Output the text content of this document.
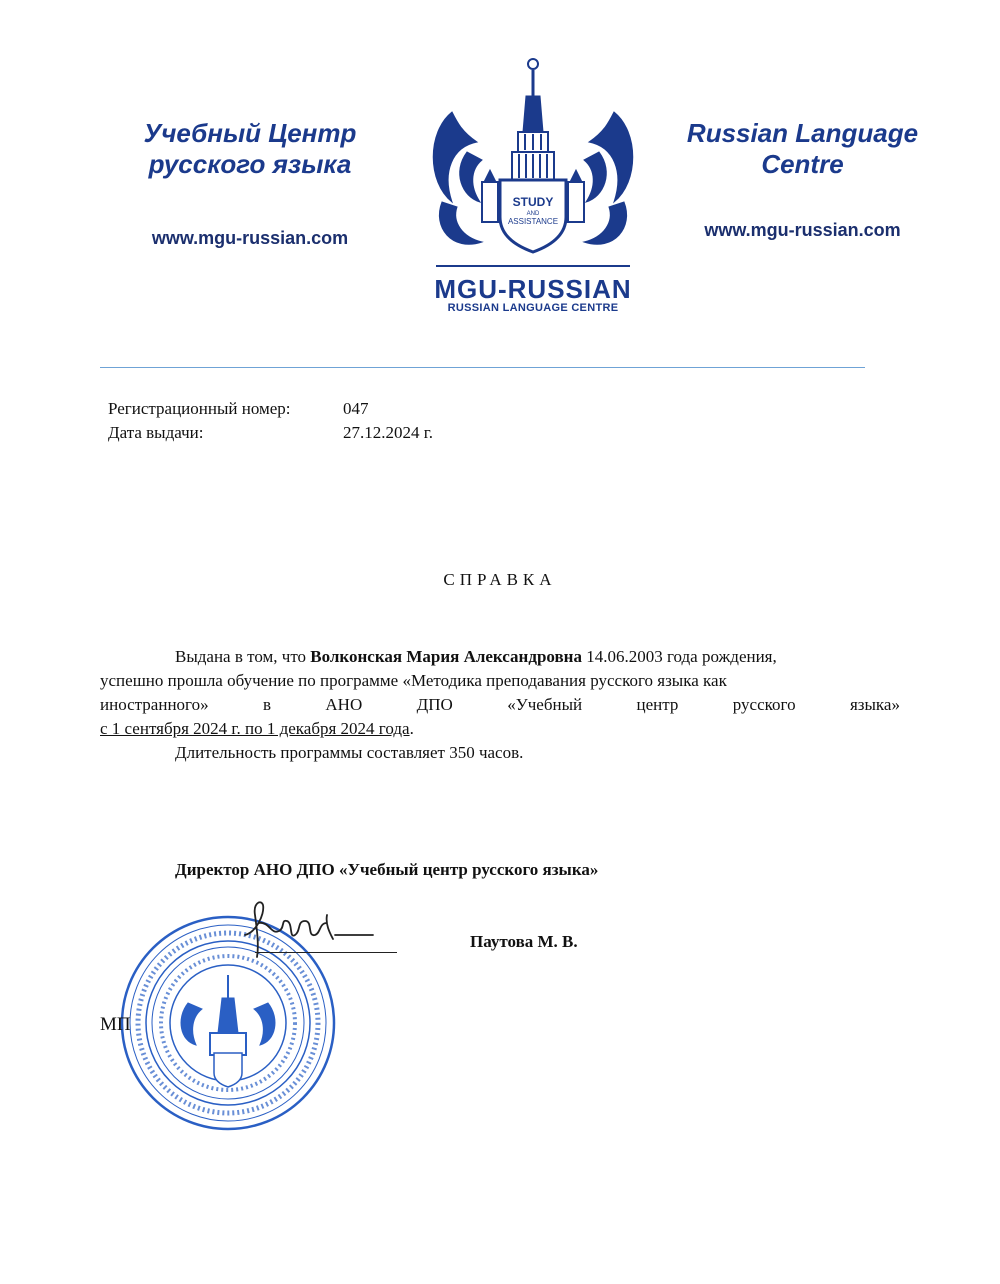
Учебный Центр
русского языка
www.mgu-russian.com
STUDY
AND
ASSISTANCE
MGU-RUSSIAN
RUSSIAN LANGUAGE CENTRE
Russian Language
Centre
www.mgu-russian.com
Регистрационный номер:	047
Дата выдачи:	27.12.2024 г.
СПРАВКА
Выдана в том, что Волконская Мария Александровна 14.06.2003 года рождения,
успешно прошла обучение по программе «Методика преподавания русского языка как
иностранного»	в	АНО	ДПО	«Учебный	центр	русского	языка»
с 1 сентября 2024 г. по 1 декабря 2024 года.
Длительность программы составляет 350 часов.
Директор АНО ДПО «Учебный центр русского языка»
Паутова М. В.
МП
